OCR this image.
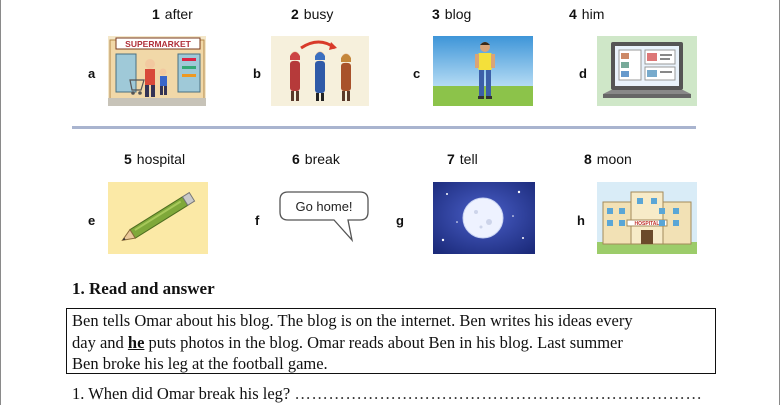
1 after	2 busy	3 blog	4 him
a	b	c	d
SUPERMARKET
5 hospital	6 break	7 tell	8 moon
e	f	g	h
Go home!
HOSPITAL
1. Read and answer
Ben tells Omar about his blog. The blog is on the internet. Ben writes his ideas every
day and he puts photos in the blog. Omar reads about Ben in his blog. Last summer
Ben broke his leg at the football game.
1. When did Omar break his leg? ………………………………………………………………
